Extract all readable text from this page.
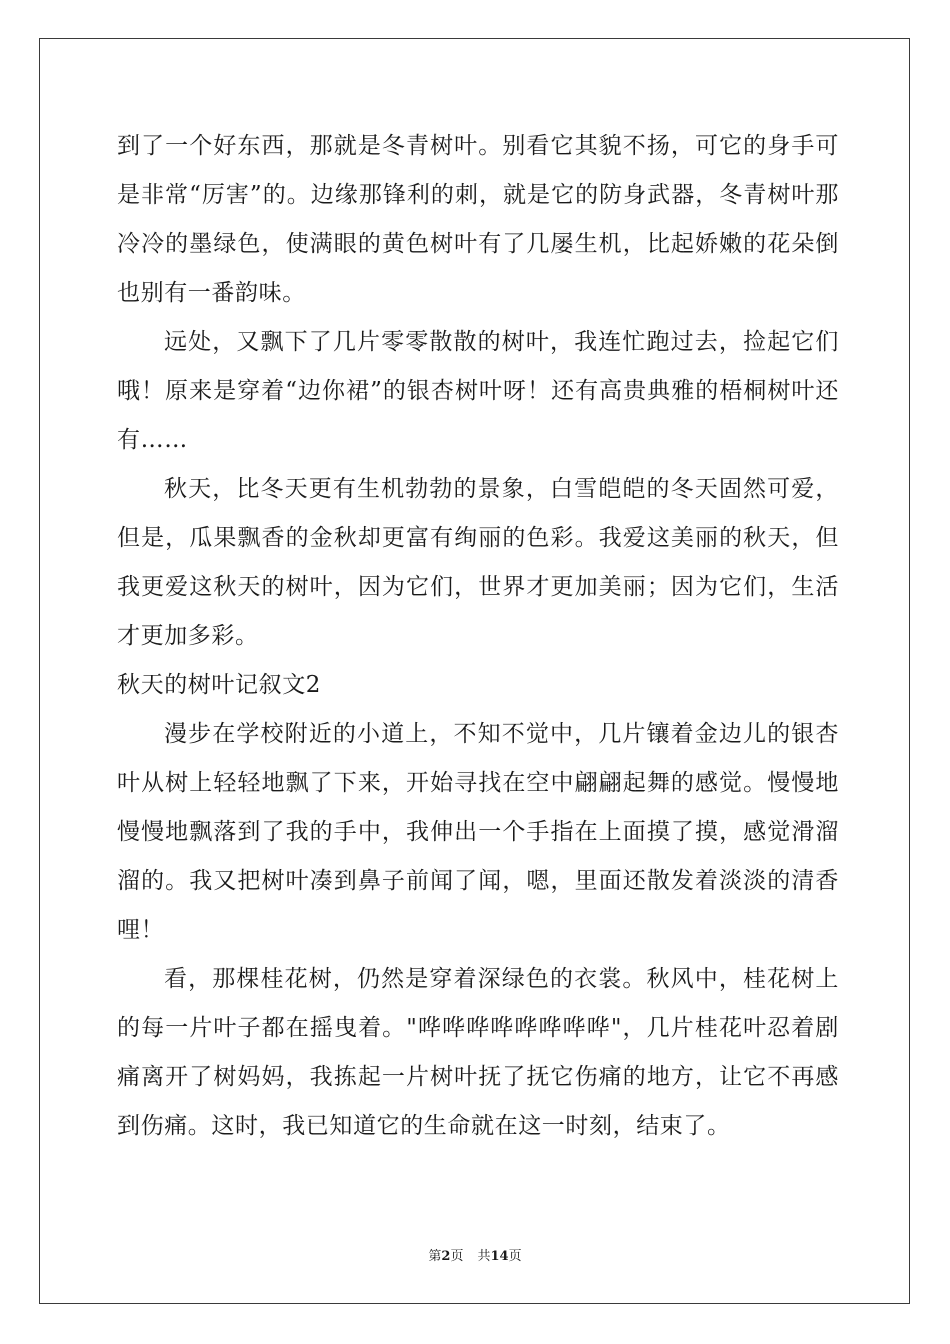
到了一个好东西，那就是冬青树叶。别看它其貌不扬，可它的身手可是非常“厉害”的。边缘那锋利的刺，就是它的防身武器，冬青树叶那冷冷的墨绿色，使满眼的黄色树叶有了几屡生机，比起娇嫩的花朵倒也别有一番韵味。

远处，又飘下了几片零零散散的树叶，我连忙跑过去，捡起它们哦！原来是穿着“边你裙”的银杏树叶呀！还有高贵典雅的梧桐树叶还有……

秋天，比冬天更有生机勃勃的景象，白雪皑皑的冬天固然可爱，但是，瓜果飘香的金秋却更富有绚丽的色彩。我爱这美丽的秋天，但我更爱这秋天的树叶，因为它们，世界才更加美丽；因为它们，生活才更加多彩。

秋天的树叶记叙文2

漫步在学校附近的小道上，不知不觉中，几片镶着金边儿的银杏叶从树上轻轻地飘了下来，开始寻找在空中翩翩起舞的感觉。慢慢地慢慢地飘落到了我的手中，我伸出一个手指在上面摸了摸，感觉滑溜溜的。我又把树叶凑到鼻子前闻了闻，嗯，里面还散发着淡淡的清香哩！

看，那棵桂花树，仍然是穿着深绿色的衣裳。秋风中，桂花树上的每一片叶子都在摇曳着。"哗哗哗哗哗哗哗哗"，几片桂花叶忍着剧痛离开了树妈妈，我拣起一片树叶抚了抚它伤痛的地方，让它不再感到伤痛。这时，我已知道它的生命就在这一时刻，结束了。

第2页 共14页
